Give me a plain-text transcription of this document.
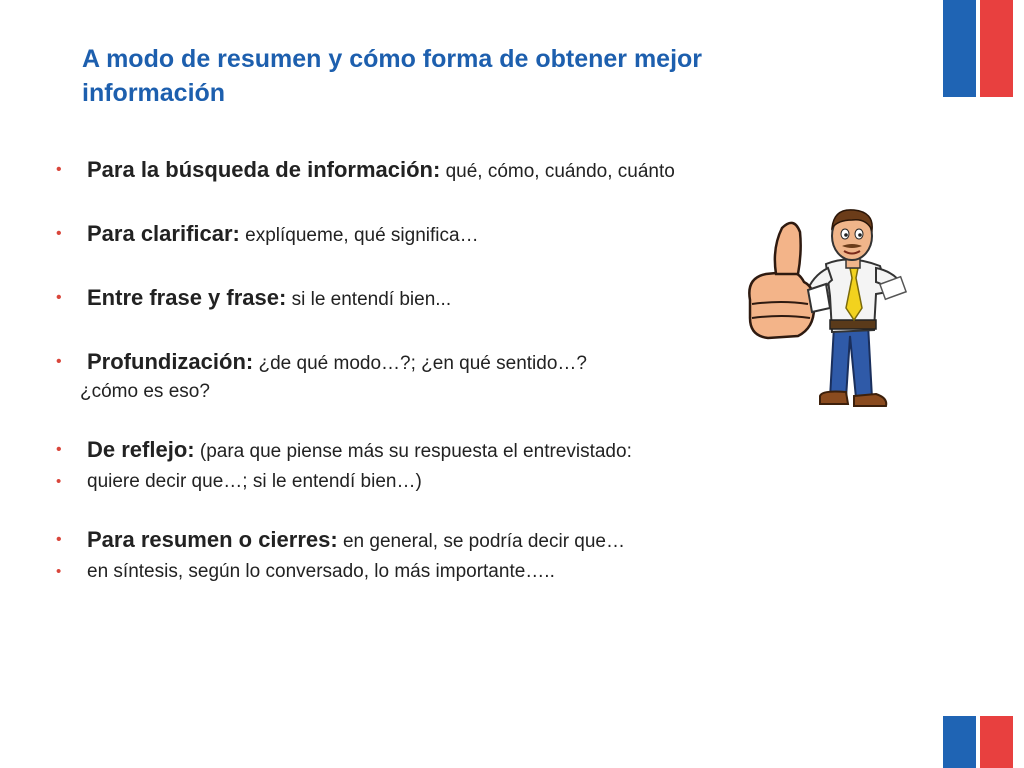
A modo de resumen y cómo forma de obtener mejor información
• Para la búsqueda de información: qué, cómo, cuándo, cuánto
• Para clarificar: explíqueme, qué significa…
• Entre frase y frase: si le entendí bien...
• Profundización: ¿de qué modo…?; ¿en qué sentido…?
¿cómo es eso?
• De reflejo: (para que piense más su respuesta el entrevistado:
• quiere decir que…; si le entendí bien…)
• Para resumen o cierres: en general, se podría decir que…
• en síntesis, según lo conversado, lo más importante…..
